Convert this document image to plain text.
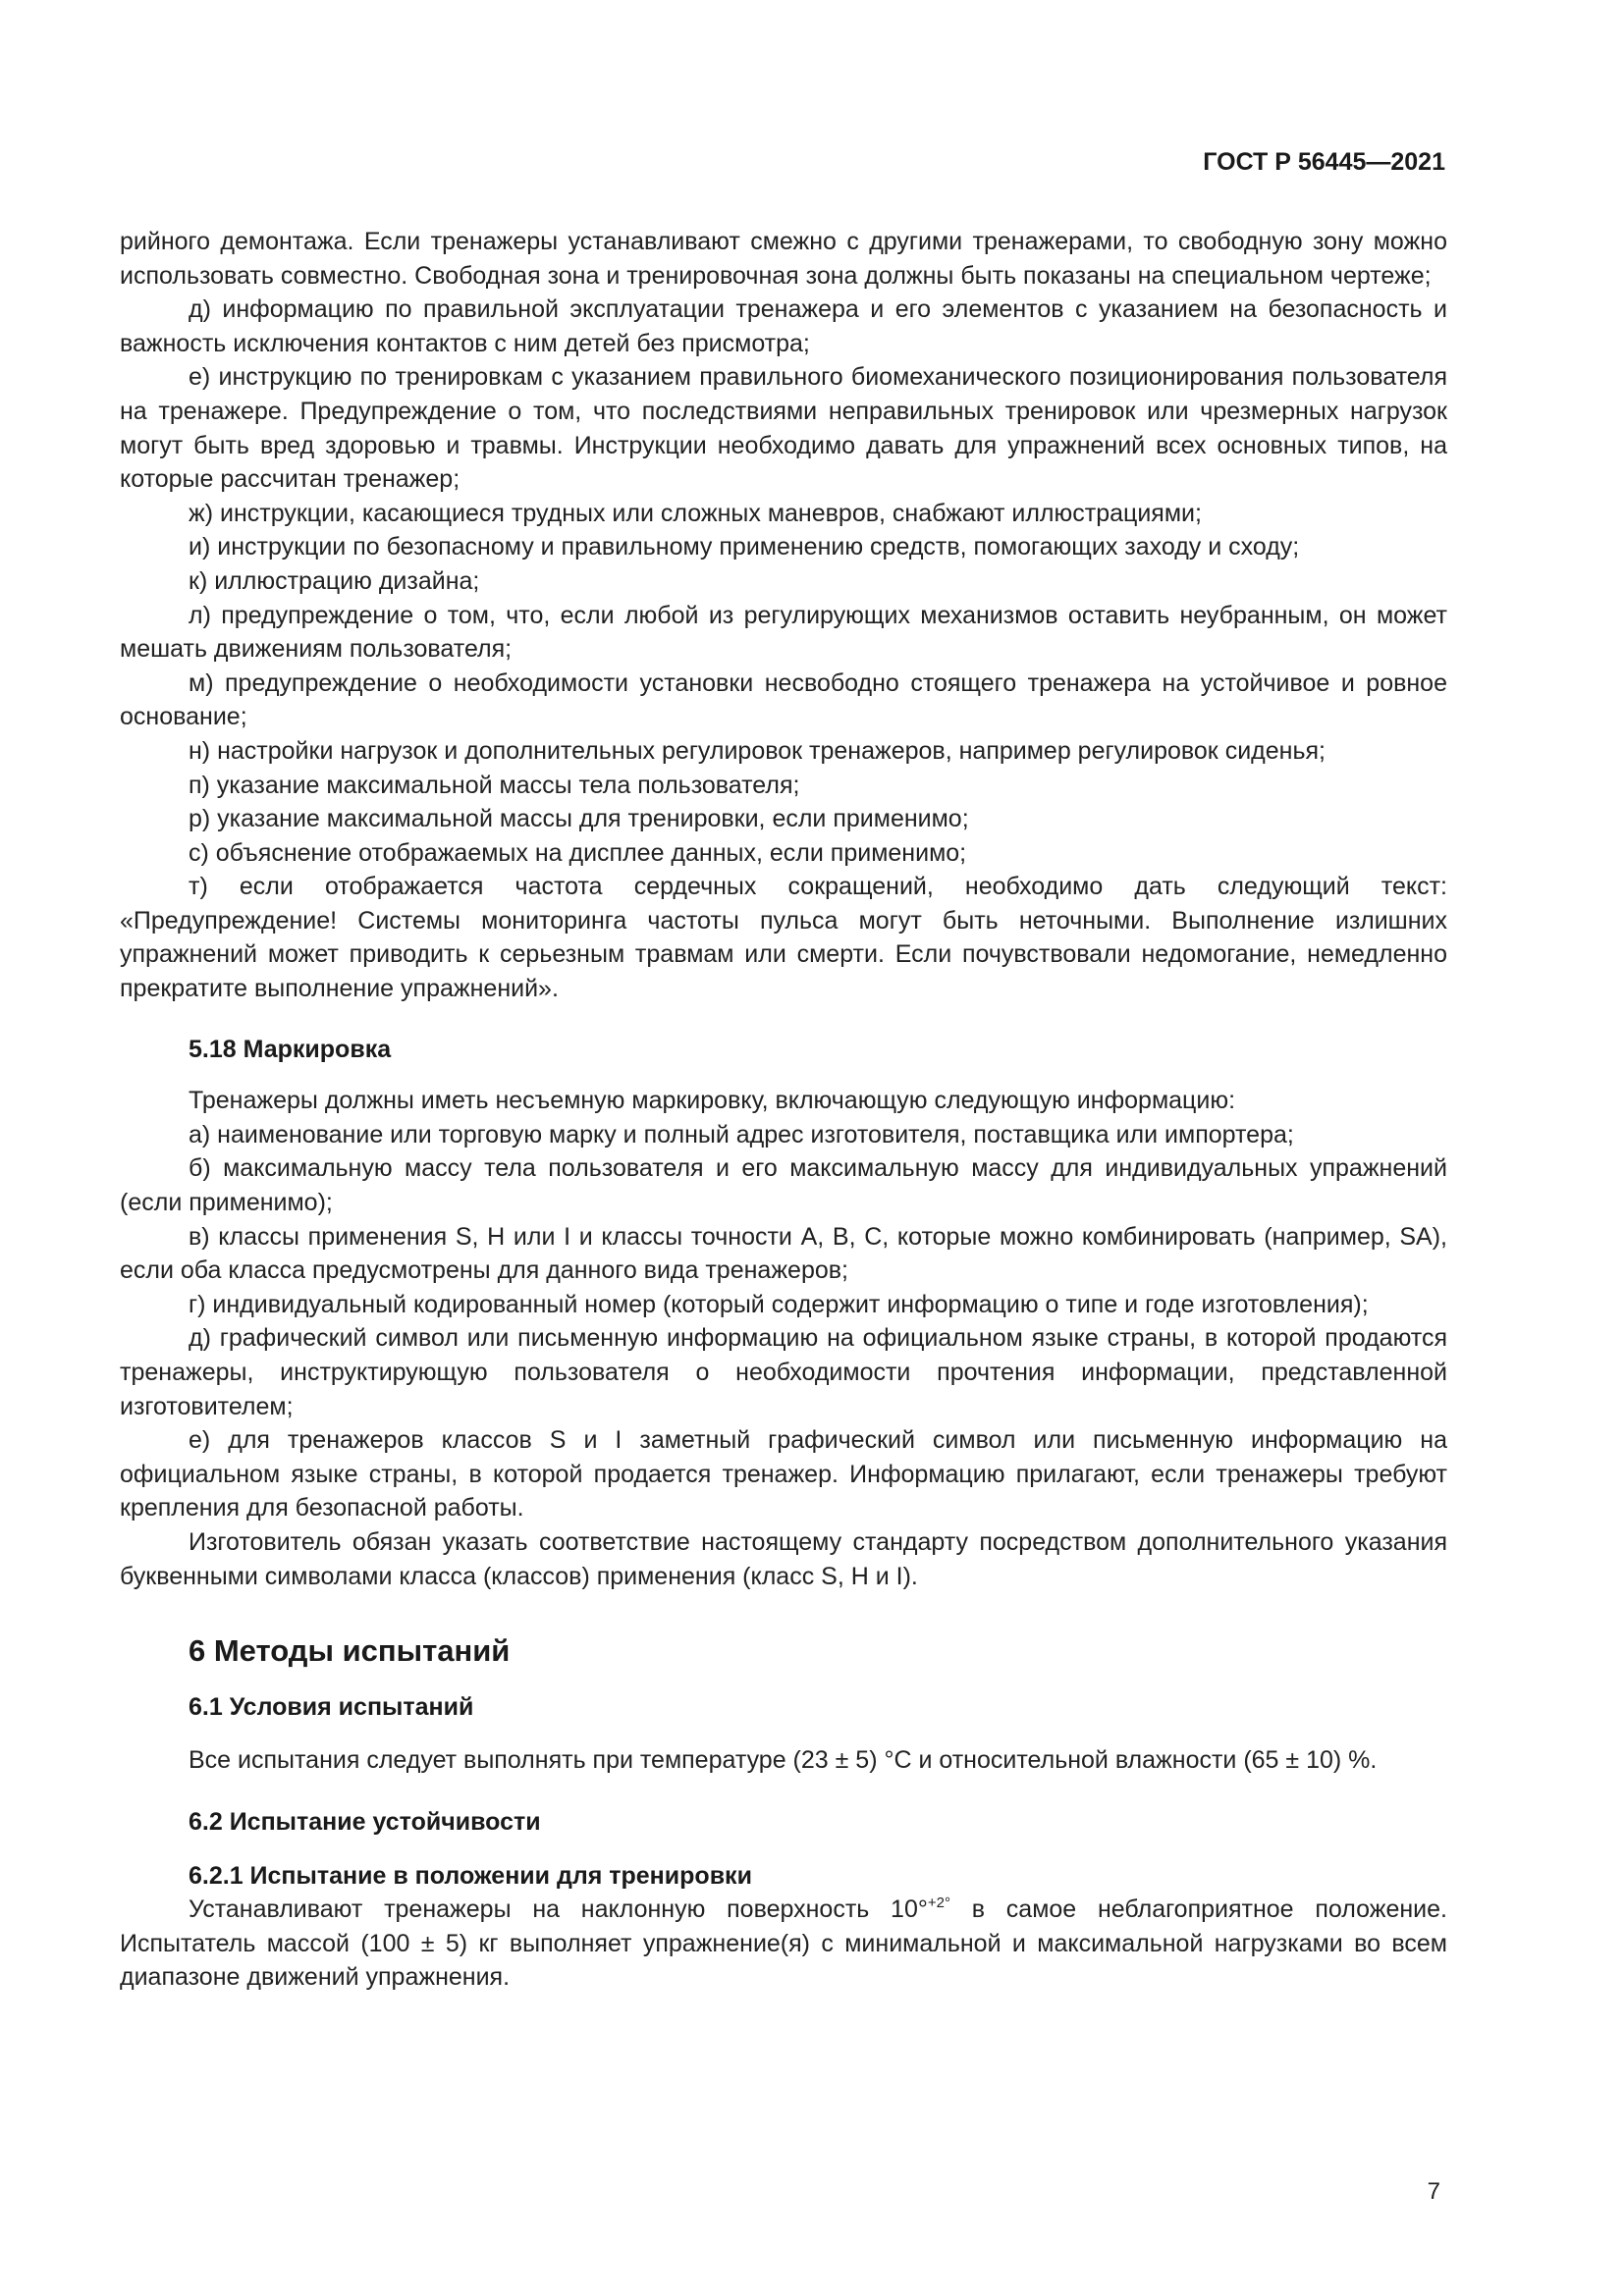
ГОСТ Р 56445—2021

рийного демонтажа. Если тренажеры устанавливают смежно с другими тренажерами, то свободную зону можно использовать совместно. Свободная зона и тренировочная зона должны быть показаны на специальном чертеже;

д) информацию по правильной эксплуатации тренажера и его элементов с указанием на безопасность и важность исключения контактов с ним детей без присмотра;

е) инструкцию по тренировкам с указанием правильного биомеханического позиционирования пользователя на тренажере. Предупреждение о том, что последствиями неправильных тренировок или чрезмерных нагрузок могут быть вред здоровью и травмы. Инструкции необходимо давать для упражнений всех основных типов, на которые рассчитан тренажер;

ж) инструкции, касающиеся трудных или сложных маневров, снабжают иллюстрациями;

и) инструкции по безопасному и правильному применению средств, помогающих заходу и сходу;

к) иллюстрацию дизайна;

л) предупреждение о том, что, если любой из регулирующих механизмов оставить неубранным, он может мешать движениям пользователя;

м) предупреждение о необходимости установки несвободно стоящего тренажера на устойчивое и ровное основание;

н) настройки нагрузок и дополнительных регулировок тренажеров, например регулировок сиденья;

п) указание максимальной массы тела пользователя;

р) указание максимальной массы для тренировки, если применимо;

с) объяснение отображаемых на дисплее данных, если применимо;

т) если отображается частота сердечных сокращений, необходимо дать следующий текст: «Предупреждение! Системы мониторинга частоты пульса могут быть неточными. Выполнение излишних упражнений может приводить к серьезным травмам или смерти. Если почувствовали недомогание, немедленно прекратите выполнение упражнений».

5.18 Маркировка

Тренажеры должны иметь несъемную маркировку, включающую следующую информацию:

а) наименование или торговую марку и полный адрес изготовителя, поставщика или импортера;

б) максимальную массу тела пользователя и его максимальную массу для индивидуальных упражнений (если применимо);

в) классы применения S, H или I и классы точности A, B, C, которые можно комбинировать (например, SA), если оба класса предусмотрены для данного вида тренажеров;

г) индивидуальный кодированный номер (который содержит информацию о типе и годе изготовления);

д) графический символ или письменную информацию на официальном языке страны, в которой продаются тренажеры, инструктирующую пользователя о необходимости прочтения информации, представленной изготовителем;

е) для тренажеров классов S и I заметный графический символ или письменную информацию на официальном языке страны, в которой продается тренажер. Информацию прилагают, если тренажеры требуют крепления для безопасной работы.

Изготовитель обязан указать соответствие настоящему стандарту посредством дополнительного указания буквенными символами класса (классов) применения (класс S, H и I).

6 Методы испытаний
6.1 Условия испытаний

Все испытания следует выполнять при температуре (23 ± 5) °С и относительной влажности (65 ± 10) %.

6.2 Испытание устойчивости
6.2.1 Испытание в положении для тренировки

Устанавливают тренажеры на наклонную поверхность 10°$^{+2^\circ}$ в самое неблагоприятное положение. Испытатель массой (100 ± 5) кг выполняет упражнение(я) с минимальной и максимальной нагрузками во всем диапазоне движений упражнения.

7
